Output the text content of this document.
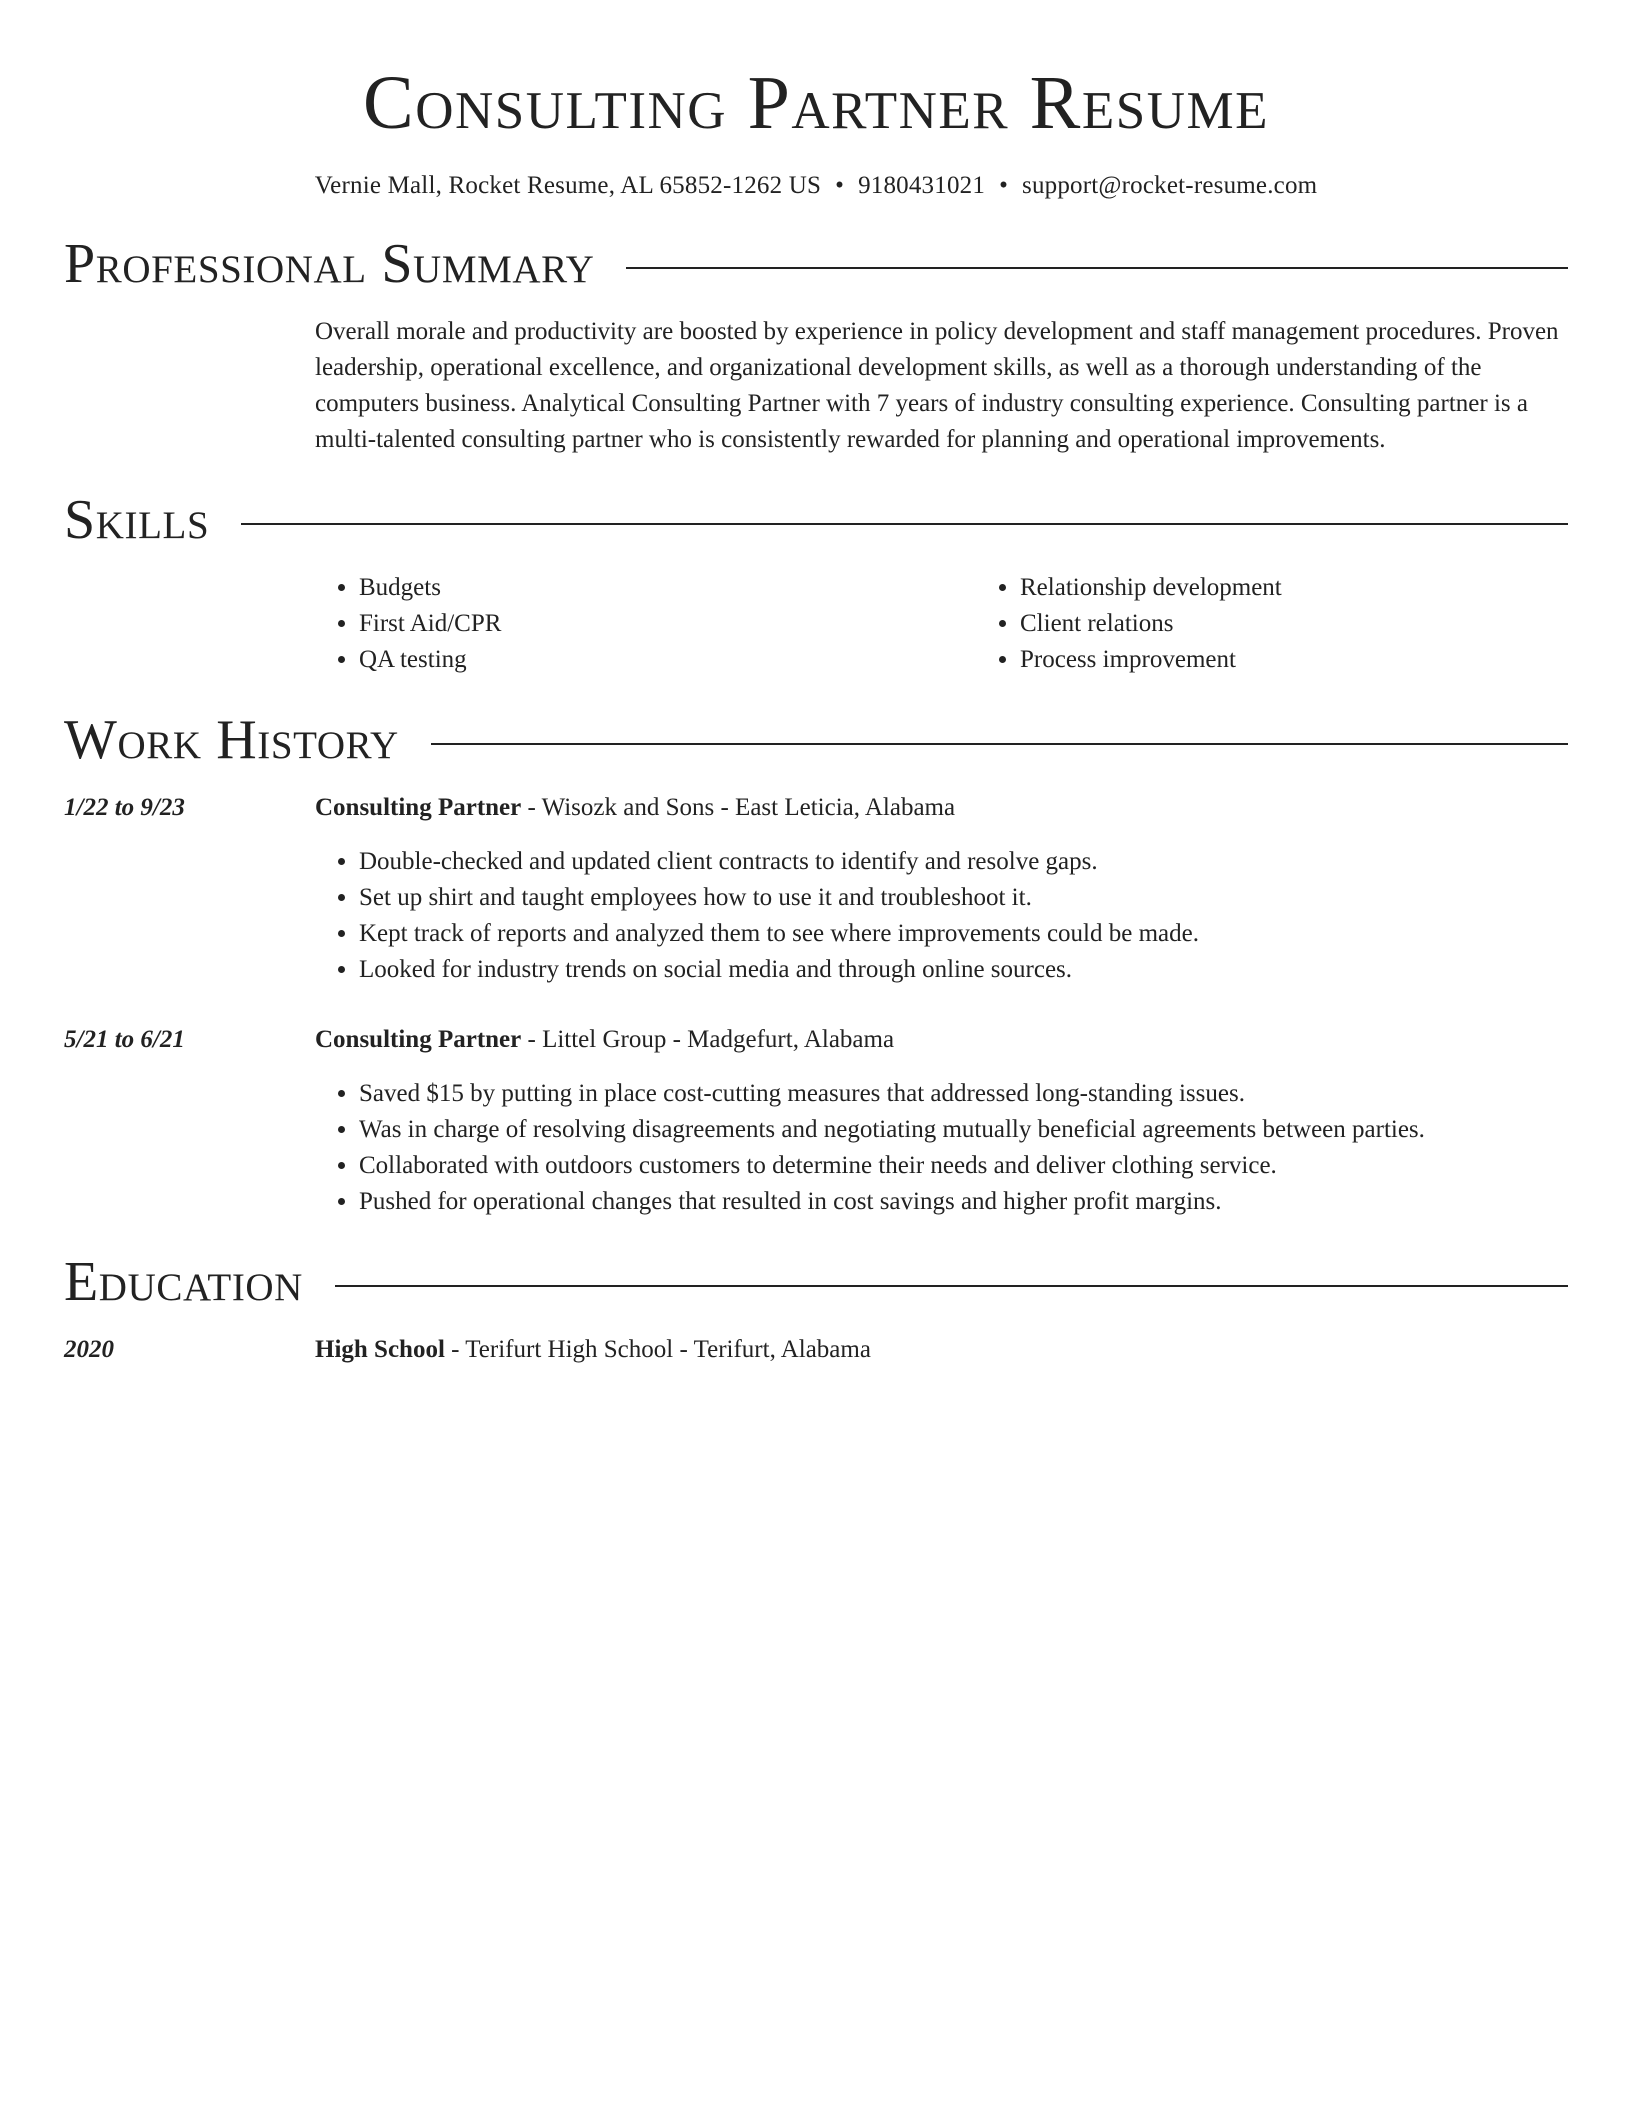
Consulting Partner Resume
Vernie Mall, Rocket Resume, AL 65852-1262 US • 9180431021 • support@rocket-resume.com
Professional Summary

Overall morale and productivity are boosted by experience in policy development and staff management procedures. Proven leadership, operational excellence, and organizational development skills, as well as a thorough understanding of the computers business. Analytical Consulting Partner with 7 years of industry consulting experience. Consulting partner is a multi-talented consulting partner who is consistently rewarded for planning and operational improvements.

Skills
• Budgets
• First Aid/CPR
• QA testing
• Relationship development
• Client relations
• Process improvement
Work History
1/22 to 9/23	Consulting Partner - Wisozk and Sons - East Leticia, Alabama
• Double-checked and updated client contracts to identify and resolve gaps.
• Set up shirt and taught employees how to use it and troubleshoot it.
• Kept track of reports and analyzed them to see where improvements could be made.
• Looked for industry trends on social media and through online sources.
5/21 to 6/21	Consulting Partner - Littel Group - Madgefurt, Alabama
• Saved $15 by putting in place cost-cutting measures that addressed long-standing issues.
• Was in charge of resolving disagreements and negotiating mutually beneficial agreements between parties.
• Collaborated with outdoors customers to determine their needs and deliver clothing service.
• Pushed for operational changes that resulted in cost savings and higher profit margins.
Education
2020	High School - Terifurt High School - Terifurt, Alabama
